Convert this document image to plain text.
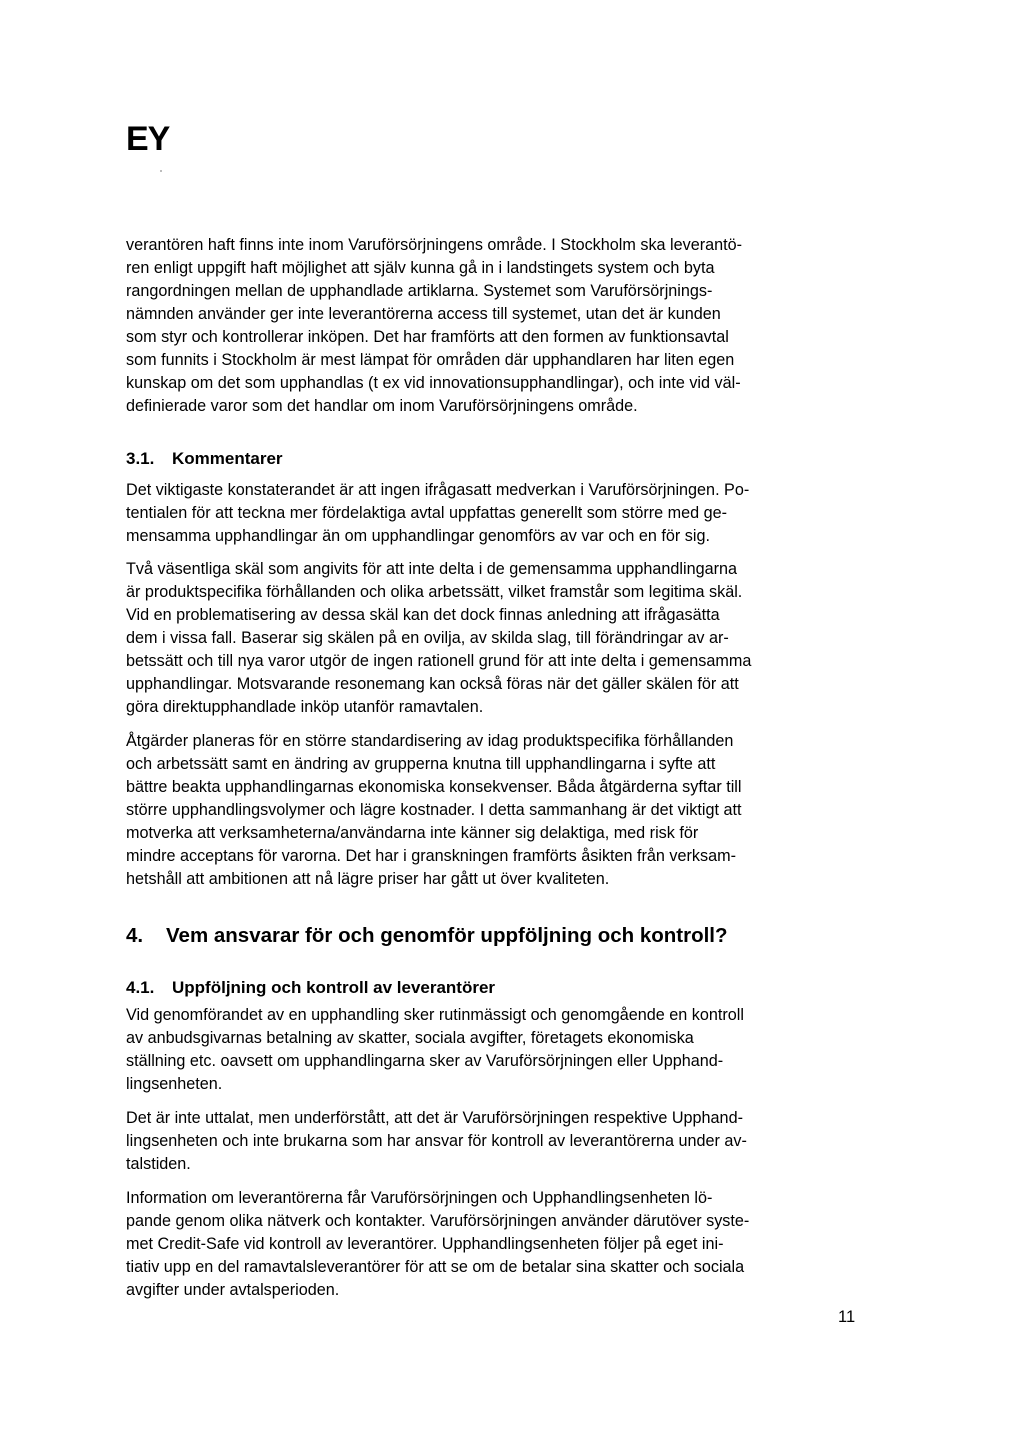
EY

verantören haft finns inte inom Varuförsörjningens område. I Stockholm ska leverantö-
ren enligt uppgift haft möjlighet att själv kunna gå in i landstingets system och byta
rangordningen mellan de upphandlade artiklarna. Systemet som Varuförsörjnings-
nämnden använder ger inte leverantörerna access till systemet, utan det är kunden
som styr och kontrollerar inköpen. Det har framförts att den formen av funktionsavtal
som funnits i Stockholm är mest lämpat för områden där upphandlaren har liten egen
kunskap om det som upphandlas (t ex vid innovationsupphandlingar), och inte vid väl-
definierade varor som det handlar om inom Varuförsörjningens område.

3.1. Kommentarer

Det viktigaste konstaterandet är att ingen ifrågasatt medverkan i Varuförsörjningen. Po-
tentialen för att teckna mer fördelaktiga avtal uppfattas generellt som större med ge-
mensamma upphandlingar än om upphandlingar genomförs av var och en för sig.

Två väsentliga skäl som angivits för att inte delta i de gemensamma upphandlingarna
är produktspecifika förhållanden och olika arbetssätt, vilket framstår som legitima skäl.
Vid en problematisering av dessa skäl kan det dock finnas anledning att ifrågasätta
dem i vissa fall. Baserar sig skälen på en ovilja, av skilda slag, till förändringar av ar-
betssätt och till nya varor utgör de ingen rationell grund för att inte delta i gemensamma
upphandlingar. Motsvarande resonemang kan också föras när det gäller skälen för att
göra direktupphandlade inköp utanför ramavtalen.

Åtgärder planeras för en större standardisering av idag produktspecifika förhållanden
och arbetssätt samt en ändring av grupperna knutna till upphandlingarna i syfte att
bättre beakta upphandlingarnas ekonomiska konsekvenser. Båda åtgärderna syftar till
större upphandlingsvolymer och lägre kostnader. I detta sammanhang är det viktigt att
motverka att verksamheterna/användarna inte känner sig delaktiga, med risk för
mindre acceptans för varorna. Det har i granskningen framförts åsikten från verksam-
hetshåll att ambitionen att nå lägre priser har gått ut över kvaliteten.

4. Vem ansvarar för och genomför uppföljning och kontroll?
4.1. Uppföljning och kontroll av leverantörer

Vid genomförandet av en upphandling sker rutinmässigt och genomgående en kontroll
av anbudsgivarnas betalning av skatter, sociala avgifter, företagets ekonomiska
ställning etc. oavsett om upphandlingarna sker av Varuförsörjningen eller Upphand-
lingsenheten.

Det är inte uttalat, men underförstått, att det är Varuförsörjningen respektive Upphand-
lingsenheten och inte brukarna som har ansvar för kontroll av leverantörerna under av-
talstiden.

Information om leverantörerna får Varuförsörjningen och Upphandlingsenheten lö-
pande genom olika nätverk och kontakter. Varuförsörjningen använder därutöver syste-
met Credit-Safe vid kontroll av leverantörer. Upphandlingsenheten följer på eget ini-
tiativ upp en del ramavtalsleverantörer för att se om de betalar sina skatter och sociala
avgifter under avtalsperioden.

11
